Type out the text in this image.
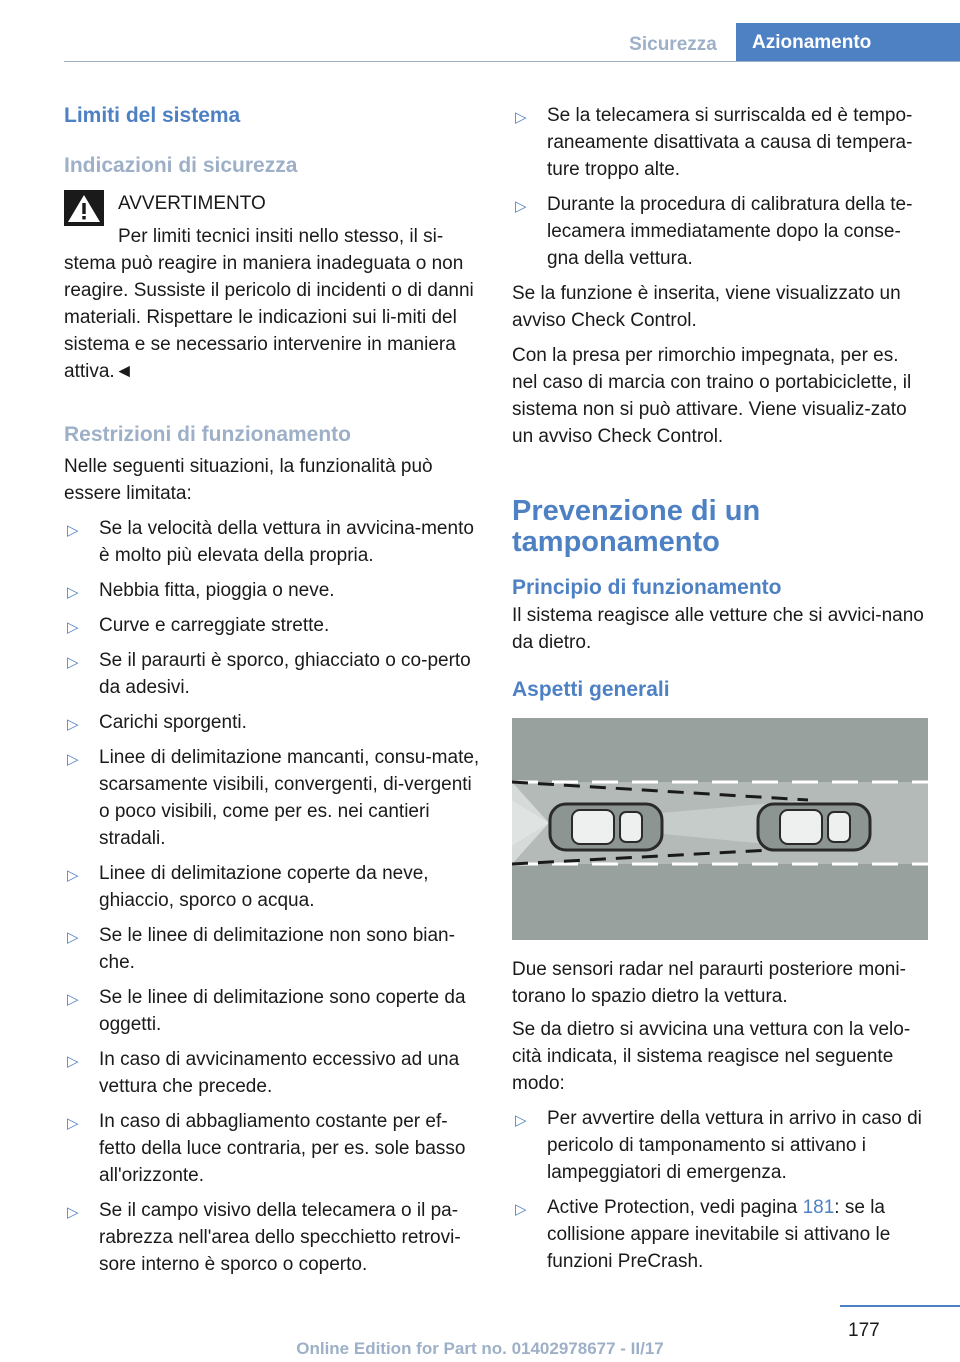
Sicurezza	Azionamento
Limiti del sistema
Indicazioni di sicurezza

AVVERTIMENTO

Per limiti tecnici insiti nello stesso, il si-

stema può reagire in maniera inadeguata o non reagire. Sussiste il pericolo di incidenti o di danni materiali. Rispettare le indicazioni sui li-miti del sistema e se necessario intervenire in maniera attiva.◄

Restrizioni di funzionamento

Nelle seguenti situazioni, la funzionalità può essere limitata:

▷ Se la velocità della vettura in avvicina-mento è molto più elevata della propria.
▷ Nebbia fitta, pioggia o neve.
▷ Curve e carreggiate strette.
▷ Se il paraurti è sporco, ghiacciato o co-perto da adesivi.
▷ Carichi sporgenti.
▷ Linee di delimitazione mancanti, consu-mate, scarsamente visibili, convergenti, di-vergenti o poco visibili, come per es. nei cantieri stradali.
▷ Linee di delimitazione coperte da neve, ghiaccio, sporco o acqua.
▷ Se le linee di delimitazione non sono bian-che.
▷ Se le linee di delimitazione sono coperte da oggetti.
▷ In caso di avvicinamento eccessivo ad una vettura che precede.
▷ In caso di abbagliamento costante per ef-fetto della luce contraria, per es. sole basso all'orizzonte.
▷ Se il campo visivo della telecamera o il pa-rabrezza nell'area dello specchietto retrovi-sore interno è sporco o coperto.
▷ Se la telecamera si surriscalda ed è tempo-raneamente disattivata a causa di tempera-ture troppo alte.
▷ Durante la procedura di calibratura della te-lecamera immediatamente dopo la conse-gna della vettura.

Se la funzione è inserita, viene visualizzato un avviso Check Control.

Con la presa per rimorchio impegnata, per es. nel caso di marcia con traino o portabiciclette, il sistema non si può attivare. Viene visualiz-zato un avviso Check Control.

Prevenzione di un tamponamento
Principio di funzionamento

Il sistema reagisce alle vetture che si avvici-nano da dietro.

Aspetti generali

Due sensori radar nel paraurti posteriore moni-torano lo spazio dietro la vettura.

Se da dietro si avvicina una vettura con la velo-cità indicata, il sistema reagisce nel seguente modo:

▷ Per avvertire della vettura in arrivo in caso di pericolo di tamponamento si attivano i lampeggiatori di emergenza.
▷ Active Protection, vedi pagina 181: se la collisione appare inevitabile si attivano le funzioni PreCrash.
177
Online Edition for Part no. 01402978677 - II/17
